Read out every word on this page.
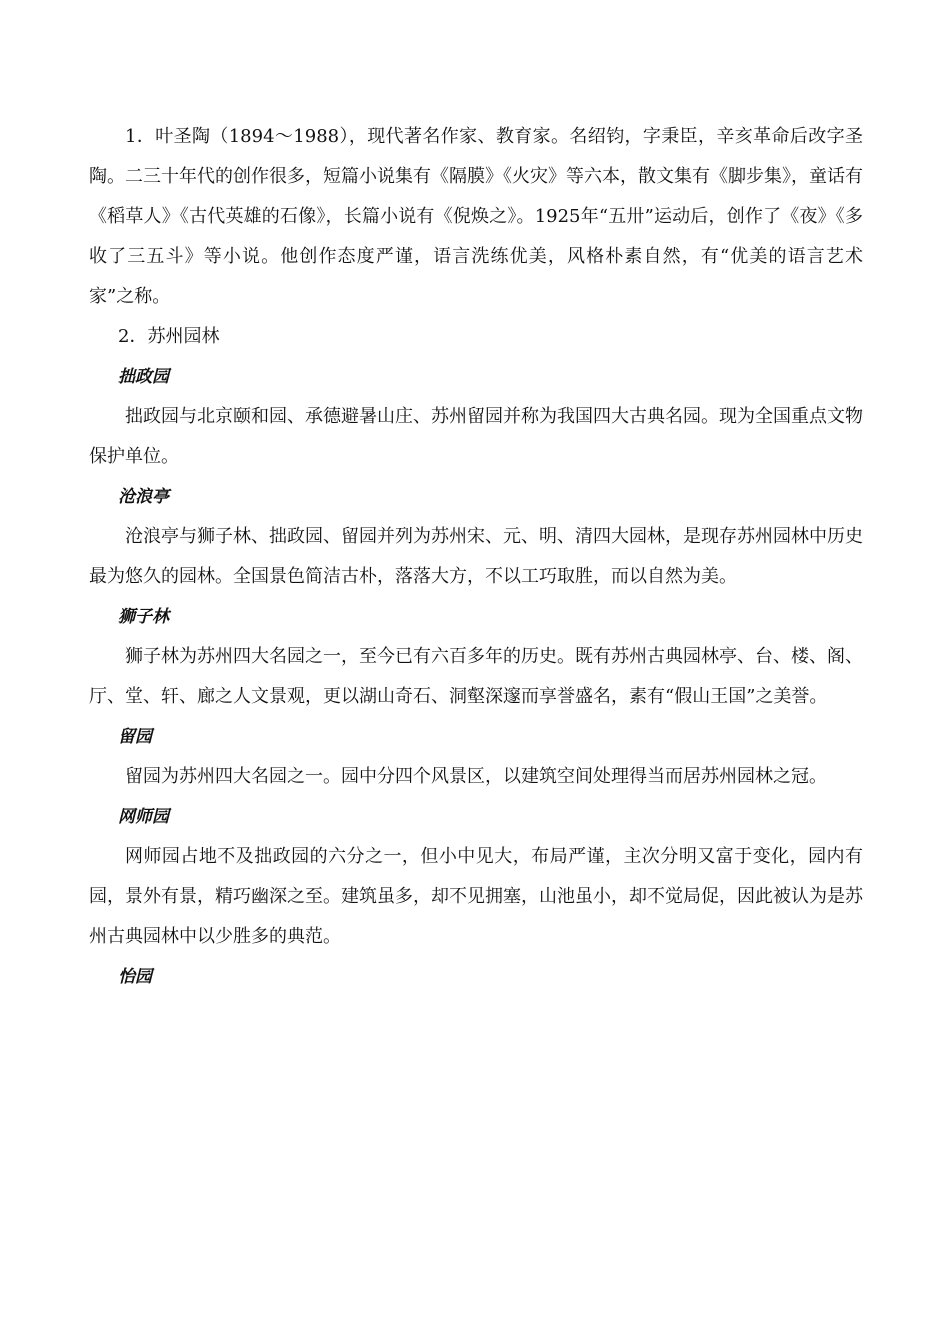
1．叶圣陶（1894～1988），现代著名作家、教育家。名绍钧，字秉臣，辛亥革命后改字圣陶。二三十年代的创作很多，短篇小说集有《隔膜》《火灾》等六本，散文集有《脚步集》，童话有《稻草人》《古代英雄的石像》，长篇小说有《倪焕之》。1925年“五卅”运动后，创作了《夜》《多收了三五斗》等小说。他创作态度严谨，语言洗练优美，风格朴素自然，有“优美的语言艺术家”之称。

2．苏州园林

拙政园

拙政园与北京颐和园、承德避暑山庄、苏州留园并称为我国四大古典名园。现为全国重点文物保护单位。

沧浪亭

沧浪亭与狮子林、拙政园、留园并列为苏州宋、元、明、清四大园林，是现存苏州园林中历史最为悠久的园林。全国景色简洁古朴，落落大方，不以工巧取胜，而以自然为美。

狮子林

狮子林为苏州四大名园之一，至今已有六百多年的历史。既有苏州古典园林亭、台、楼、阁、厅、堂、轩、廊之人文景观，更以湖山奇石、洞壑深邃而享誉盛名，素有“假山王国”之美誉。

留园

留园为苏州四大名园之一。园中分四个风景区，以建筑空间处理得当而居苏州园林之冠。

网师园

网师园占地不及拙政园的六分之一，但小中见大，布局严谨，主次分明又富于变化，园内有园，景外有景，精巧幽深之至。建筑虽多，却不见拥塞，山池虽小，却不觉局促，因此被认为是苏州古典园林中以少胜多的典范。

怡园
